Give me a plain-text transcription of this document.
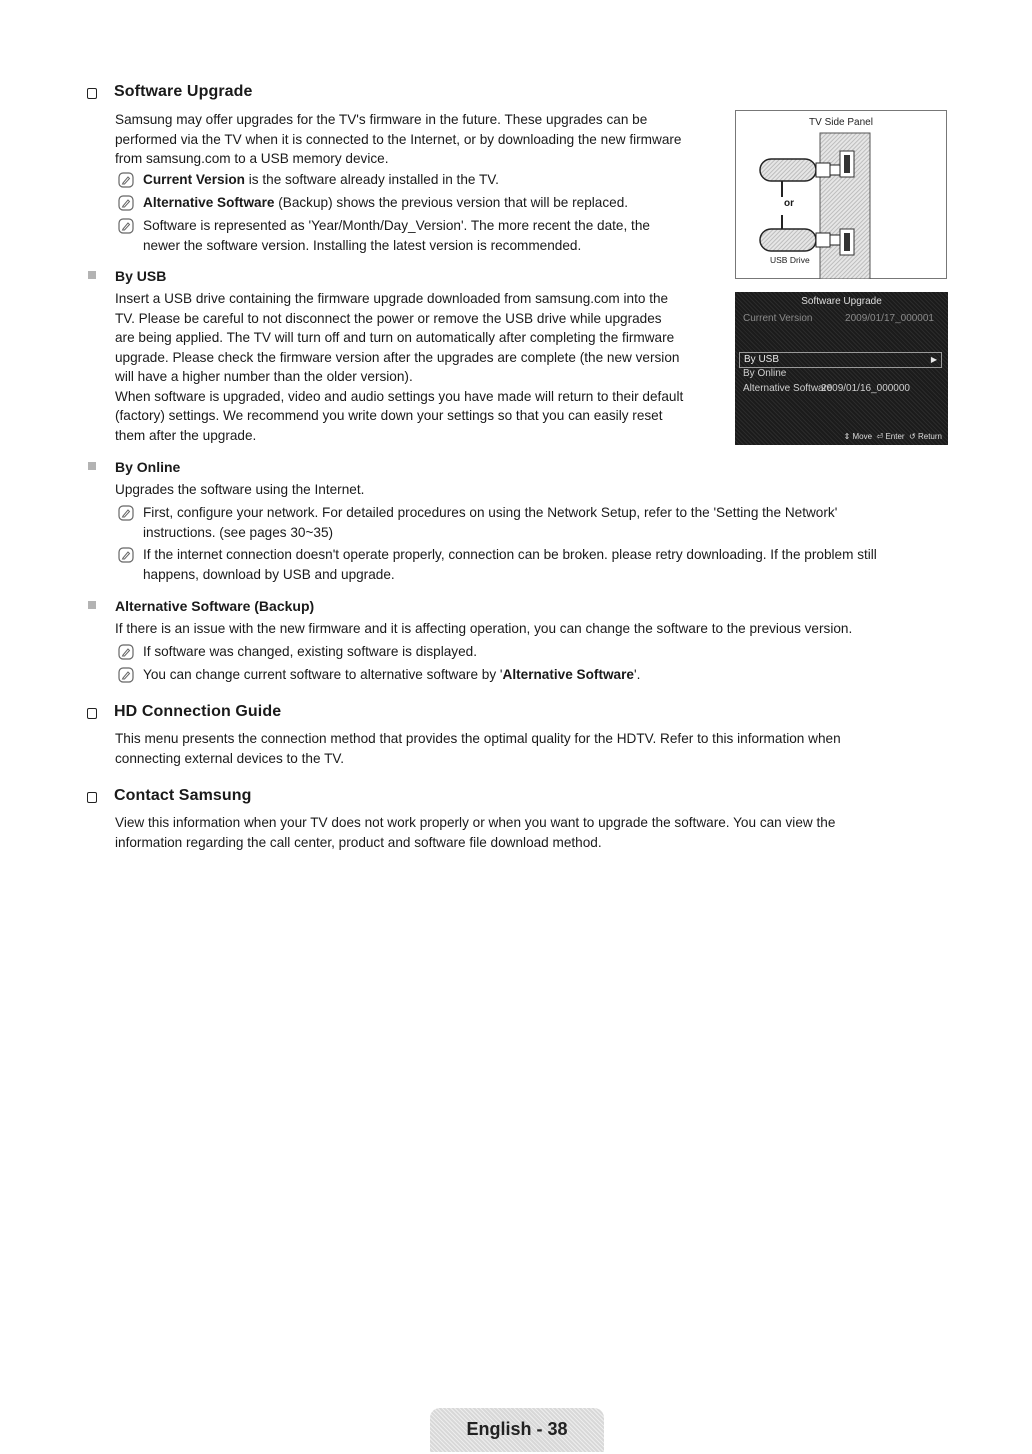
Software Upgrade
Samsung may offer upgrades for the TV's firmware in the future. These upgrades can be
performed via the TV when it is connected to the Internet, or by downloading the new firmware
from samsung.com to a USB memory device.
Current Version is the software already installed in the TV.
Alternative Software (Backup) shows the previous version that will be replaced.
Software is represented as 'Year/Month/Day_Version'. The more recent the date, the
newer the software version. Installing the latest version is recommended.
By USB
Insert a USB drive containing the firmware upgrade downloaded from samsung.com into the
TV. Please be careful to not disconnect the power or remove the USB drive while upgrades
are being applied. The TV will turn off and turn on automatically after completing the firmware
upgrade. Please check the firmware version after the upgrades are complete (the new version
will have a higher number than the older version).
When software is upgraded, video and audio settings you have made will return to their default
(factory) settings. We recommend you write down your settings so that you can easily reset
them after the upgrade.
TV Side Panel
or
USB Drive
Software Upgrade
Current Version	2009/01/17_000001
By USB	▶
By Online
Alternative Software
2009/01/16_000000
⇕ Move ⏎ Enter ↺ Return
By Online
Upgrades the software using the Internet.
First, configure your network. For detailed procedures on using the Network Setup, refer to the 'Setting the Network'
instructions. (see pages 30~35)
If the internet connection doesn't operate properly, connection can be broken. please retry downloading. If the problem still
happens, download by USB and upgrade.
Alternative Software (Backup)
If there is an issue with the new firmware and it is affecting operation, you can change the software to the previous version.
If software was changed, existing software is displayed.
You can change current software to alternative software by 'Alternative Software'.
HD Connection Guide
This menu presents the connection method that provides the optimal quality for the HDTV. Refer to this information when
connecting external devices to the TV.
Contact Samsung
View this information when your TV does not work properly or when you want to upgrade the software. You can view the
information regarding the call center, product and software file download method.
English - 38
